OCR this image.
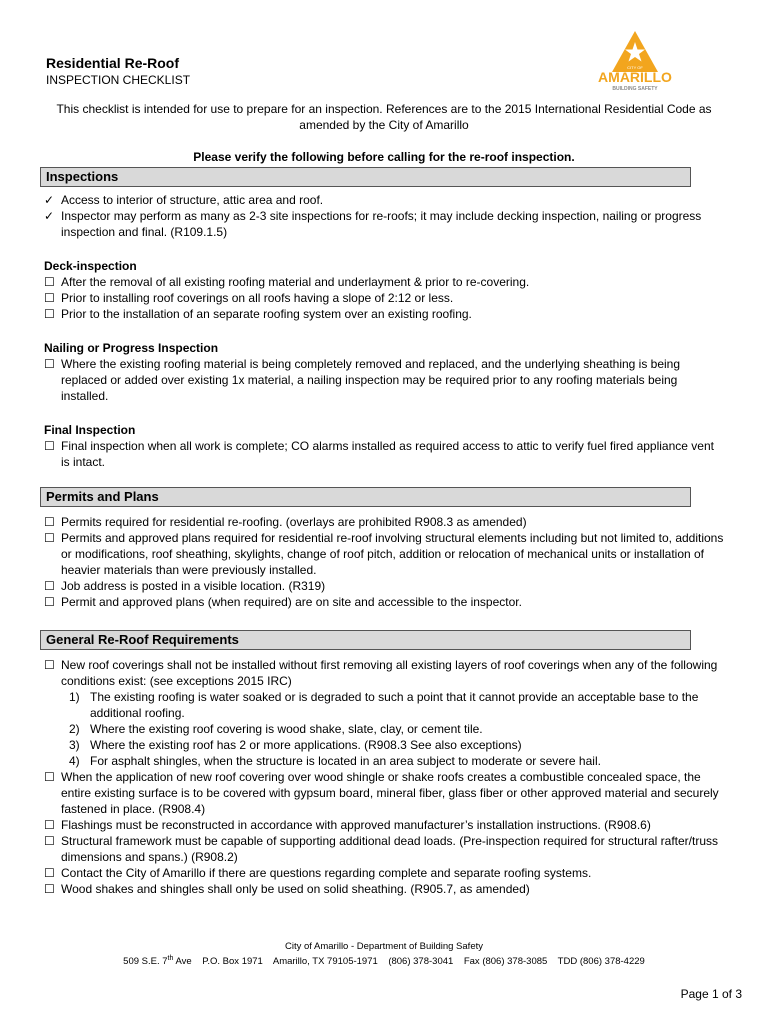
Residential Re-Roof
INSPECTION CHECKLIST
CITY OF
AMARILLO
BUILDING SAFETY
This checklist is intended for use to prepare for an inspection. References are to the 2015 International Residential Code as amended by the City of Amarillo
Please verify the following before calling for the re-roof inspection.
Inspections
✓ Access to interior of structure, attic area and roof.
✓ Inspector may perform as many as 2-3 site inspections for re-roofs; it may include decking inspection, nailing or progress inspection and final. (R109.1.5)
Deck-inspection
☐ After the removal of all existing roofing material and underlayment & prior to re-covering.
☐ Prior to installing roof coverings on all roofs having a slope of 2:12 or less.
☐ Prior to the installation of an separate roofing system over an existing roofing.
Nailing or Progress Inspection
☐ Where the existing roofing material is being completely removed and replaced, and the underlying sheathing is being replaced or added over existing 1x material, a nailing inspection may be required prior to any roofing materials being installed.
Final Inspection
☐ Final inspection when all work is complete; CO alarms installed as required access to attic to verify fuel fired appliance vent is intact.
Permits and Plans
☐ Permits required for residential re-roofing. (overlays are prohibited R908.3 as amended)
☐ Permits and approved plans required for residential re-roof involving structural elements including but not limited to, additions or modifications, roof sheathing, skylights, change of roof pitch, addition or relocation of mechanical units or installation of heavier materials than were previously installed.
☐ Job address is posted in a visible location. (R319)
☐ Permit and approved plans (when required) are on site and accessible to the inspector.
General Re-Roof Requirements
☐ New roof coverings shall not be installed without first removing all existing layers of roof coverings when any of the following conditions exist: (see exceptions 2015 IRC)
1) The existing roofing is water soaked or is degraded to such a point that it cannot provide an acceptable base to the additional roofing.
2) Where the existing roof covering is wood shake, slate, clay, or cement tile.
3) Where the existing roof has 2 or more applications. (R908.3 See also exceptions)
4) For asphalt shingles, when the structure is located in an area subject to moderate or severe hail.
☐ When the application of new roof covering over wood shingle or shake roofs creates a combustible concealed space, the entire existing surface is to be covered with gypsum board, mineral fiber, glass fiber or other approved material and securely fastened in place. (R908.4)
☐ Flashings must be reconstructed in accordance with approved manufacturer’s installation instructions. (R908.6)
☐ Structural framework must be capable of supporting additional dead loads. (Pre-inspection required for structural rafter/truss dimensions and spans.) (R908.2)
☐ Contact the City of Amarillo if there are questions regarding complete and separate roofing systems.
☐ Wood shakes and shingles shall only be used on solid sheathing. (R905.7, as amended)
City of Amarillo - Department of Building Safety
509 S.E. 7th Ave    P.O. Box 1971    Amarillo, TX 79105-1971    (806) 378-3041    Fax (806) 378-3085    TDD (806) 378-4229
Page 1 of 3
